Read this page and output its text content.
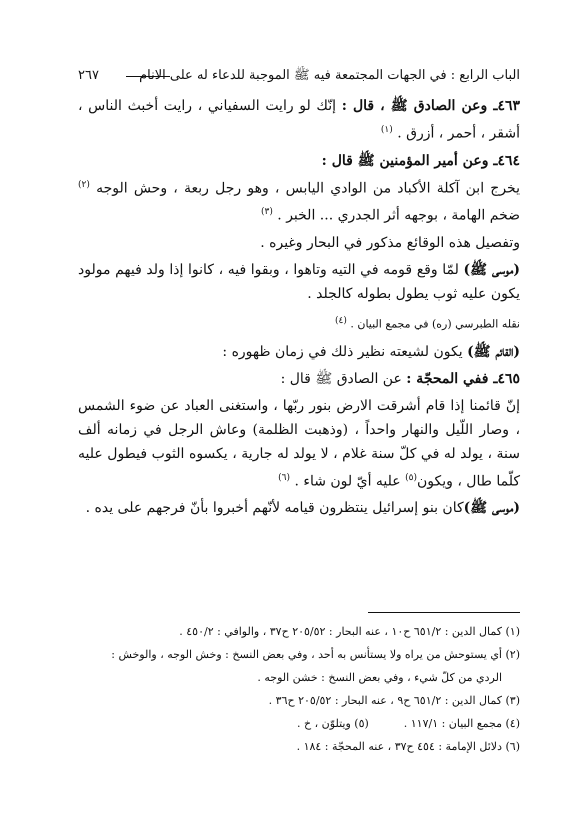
الباب الرابع : في الجهات المجتمعة فيه ﷺ الموجبة للدعاء له على الانام
٢٦٧

٤٦٣ـ وعن الصادق ﷺ ، قال : إنّك لو رايت السفياني ، رايت أخبث الناس ، أشقر ، أحمر ، أزرق . $^{(١)}$

٤٦٤ـ وعن أمير المؤمنين ﷺ قال :

يخرج ابن آكلة الأكباد من الوادي اليابس ، وهو رجل ربعة ، وحش الوجه $^{(٢)}$ ضخم الهامة ، بوجهه أثر الجدري ... الخبر . $^{(٣)}$

وتفصيل هذه الوقائع مذكور في البحار وغيره .

(موسى ﷺ) لمّا وقع قومه في التيه وتاهوا ، وبقوا فيه ، كانوا إذا ولد فيهم مولود يكون عليه ثوب يطول بطوله كالجلد .

نقله الطبرسي (ره) في مجمع البيان . $^{(٤)}$

(القائم ﷺ) يكون لشيعته نظير ذلك في زمان ظهوره :

٤٦٥ـ ففي المحجّة : عن الصادق ﷺ قال :

إنّ قائمنا إذا قام أشرقت الارض بنور ربّها ، واستغنى العباد عن ضوء الشمس ، وصار اللّيل والنهار واحداً ، (وذهبت الظلمة) وعاش الرجل في زمانه ألف سنة ، يولد له في كلّ سنة غلام ، لا يولد له جارية ، يكسوه الثوب فيطول عليه كلّما طال ، ويكون$^{(٥)}$ عليه أيّ لون شاء . $^{(٦)}$

(موسى ﷺ)كان بنو إسرائيل ينتظرون قيامه لأنّهم أخبروا بأنّ فرجهم على يده .

(١) كمال الدين : ٦٥١/٢ ح١٠ ، عنه البحار : ٢٠٥/٥٢ ح٣٧ ، والوافي : ٤٥٠/٢ .

(٢) أي يستوحش من يراه ولا يستأنس به أحد ، وفي بعض النسخ : وخش الوجه ، والوخش :

الردي من كلّ شيء ، وفي بعض النسخ : خشن الوجه .

(٣) كمال الدين : ٦٥١/٢ ح٩ ، عنه البحار : ٢٠٥/٥٢ ح٣٦ .

(٤) مجمع البيان : ١١٧/١ .          (٥) ويتلوّن ، خ .

(٦) دلائل الإمامة : ٤٥٤ ح٣٧ ، عنه المحجّة : ١٨٤ .
